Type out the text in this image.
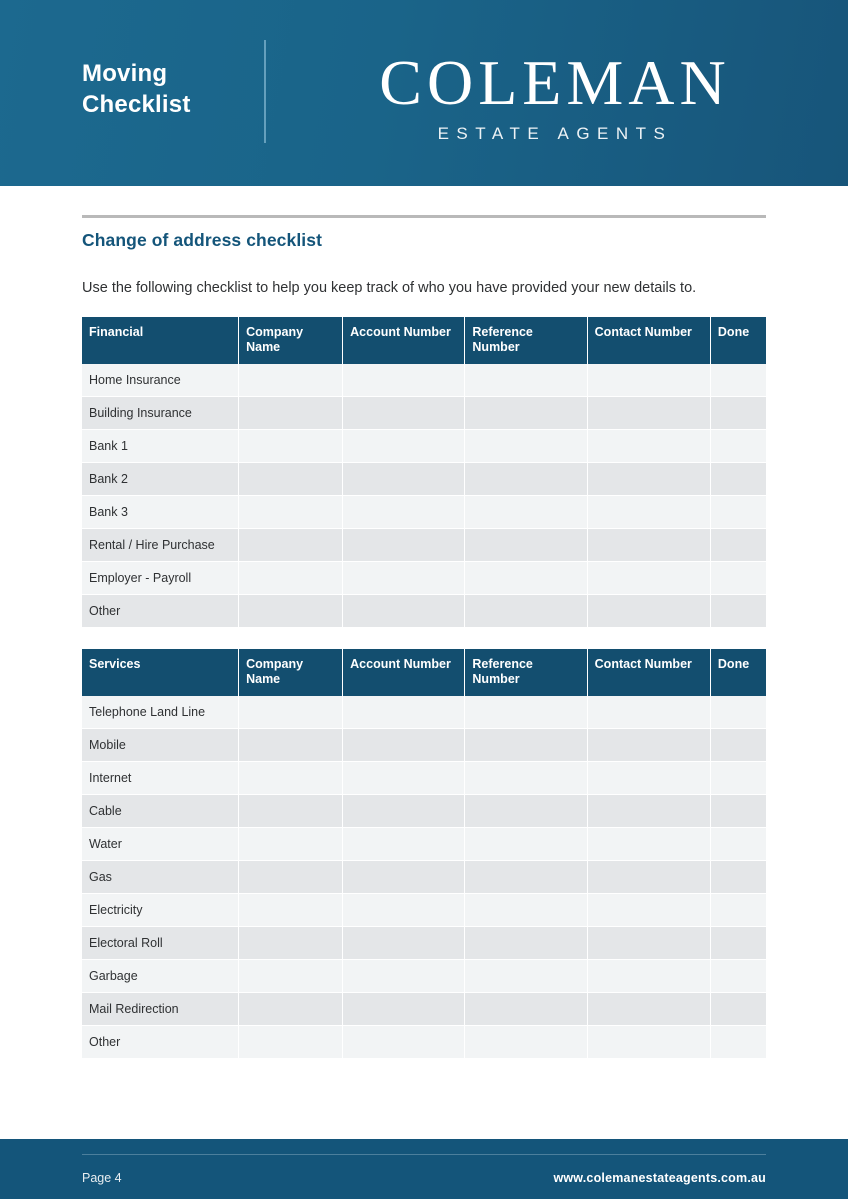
Moving
Checklist	COLEMAN
ESTATE AGENTS
Change of address checklist

Use the following checklist to help you keep track of who you have provided your new details to.

Financial	Company Name	Account Number	Reference Number	Contact Number	Done
Home Insurance					
Building Insurance					
Bank 1					
Bank 2					
Bank 3					
Rental / Hire Purchase					
Employer - Payroll					
Other					
Services	Company Name	Account Number	Reference Number	Contact Number	Done
Telephone Land Line					
Mobile					
Internet					
Cable					
Water					
Gas					
Electricity					
Electoral Roll					
Garbage					
Mail Redirection					
Other					
Page 4	www.colemanestateagents.com.au
